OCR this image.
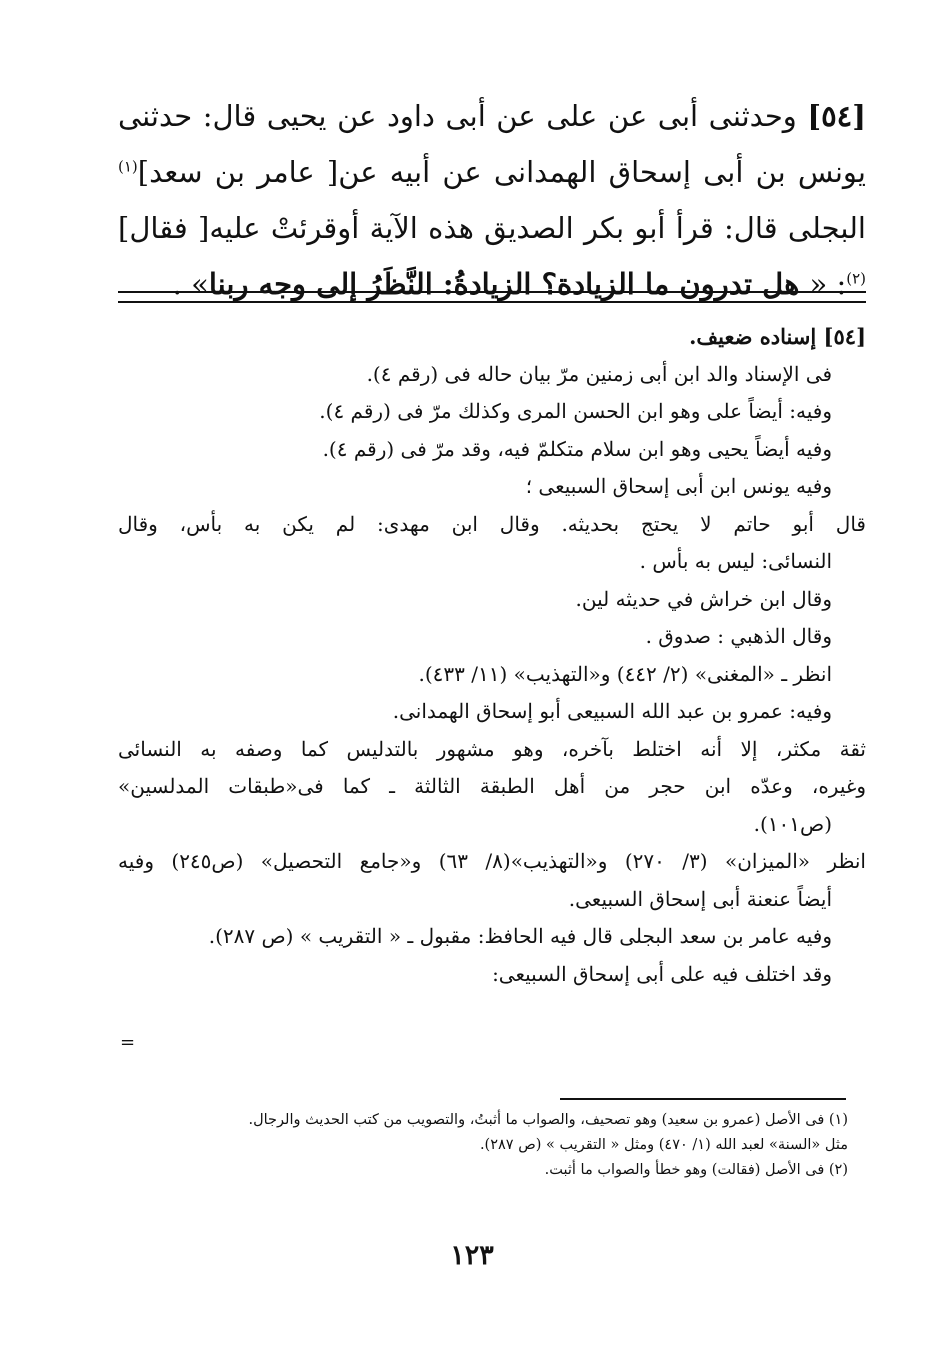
[٥٤] وحدثنى أبى عن على عن أبى داود عن يحيى قال: حدثنى يونس بن أبى إسحاق الهمدانى عن أبيه عن[ عامر بن سعد]$^{(١)}$ البجلى قال: قرأ أبو بكر الصديق هذه الآية أوقرئتْ عليه[ فقال]$^{(٢)}$: « هل تدرون ما الزيادة؟ الزيادةُ: النَّظَرُ إلى وجه ربنا» .
[٥٤] إسناده ضعيف.
فى الإسناد والد ابن أبى زمنين مرّ بيان حاله فى (رقم ٤).
وفيه: أيضاً على وهو ابن الحسن المرى وكذلك مرّ فى (رقم ٤).
وفيه أيضاً يحيى وهو ابن سلام متكلمّ فيه، وقد مرّ فى (رقم ٤).
وفيه يونس ابن أبى إسحاق السبيعى ؛
قال أبو حاتم لا يحتج بحديثه. وقال ابن مهدى: لم يكن به بأس، وقال
النسائى: ليس به بأس .
وقال ابن خراش في حديثه لين.
وقال الذهبي : صدوق .
انظر ـ «المغنى» (٢/ ٤٤٢) و«التهذيب» (١١/ ٤٣٣).
وفيه: عمرو بن عبد الله السبيعى أبو إسحاق الهمدانى.
ثقة مكثر، إلا أنه اختلط بآخره، وهو مشهور بالتدليس كما وصفه به النسائى
وغيره، وعدّه ابن حجر من أهل الطبقة الثالثة ـ كما فى«طبقات المدلسين»
(ص١٠١).
انظر «الميزان» (٣/ ٢٧٠) و«التهذيب»(٨/ ٦٣) و«جامع التحصيل» (ص٢٤٥) وفيه
أيضاً عنعنة أبى إسحاق السبيعى.
وفيه عامر بن سعد البجلى قال فيه الحافظ: مقبول ـ « التقريب » (ص ٢٨٧).
وقد اختلف فيه على أبى إسحاق السبيعى:
=
(١) فى الأصل (عمرو بن سعيد) وهو تصحيف، والصواب ما أثبتُ، والتصويب من كتب الحديث والرجال.
مثل «السنة» لعبد الله (١/ ٤٧٠) ومثل « التقريب » (ص ٢٨٧).
(٢) فى الأصل (فقالت) وهو خطأ والصواب ما أثبت.
١٢٣
